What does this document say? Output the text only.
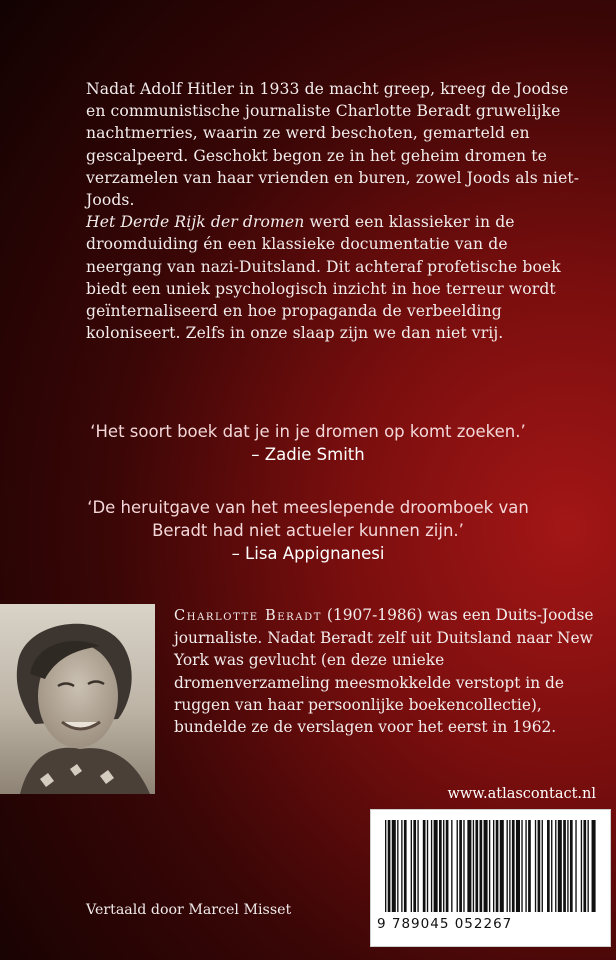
Nadat Adolf Hitler in 1933 de macht greep, kreeg de Joodse en communistische journaliste Charlotte Beradt gruwelijke nachtmerries, waarin ze werd beschoten, gemarteld en gescalpeerd. Geschokt begon ze in het geheim dromen te verzamelen van haar vrienden en buren, zowel Joods als niet-Joods.

Het Derde Rijk der dromen werd een klassieker in de droomduiding én een klassieke documentatie van de neergang van nazi-Duitsland. Dit achteraf profetische boek biedt een uniek psychologisch inzicht in hoe terreur wordt geïnternaliseerd en hoe propaganda de verbeelding koloniseert. Zelfs in onze slaap zijn we dan niet vrij.

‘Het soort boek dat je in je dromen op komt zoeken.’
– Zadie Smith
‘De heruitgave van het meeslepende droomboek van Beradt had niet actueler kunnen zijn.’
– Lisa Appignanesi
Charlotte Beradt (1907-1986) was een Duits-Joodse journaliste. Nadat Beradt zelf uit Duitsland naar New York was gevlucht (en deze unieke dromenverzameling meesmokkelde verstopt in de ruggen van haar persoonlijke boekencollectie), bundelde ze de verslagen voor het eerst in 1962.
www.atlascontact.nl
9 789045 052267
Vertaald door Marcel Misset
